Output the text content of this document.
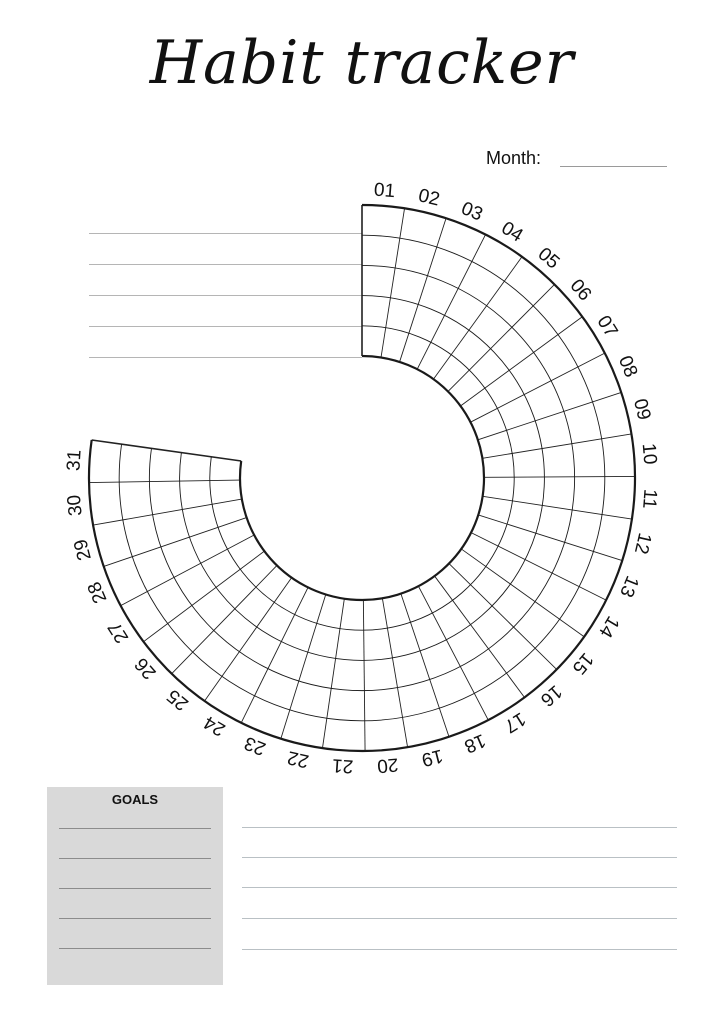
Habit tracker
Month:
01 02
03
04
05
06
07
08
09
10
11
12
13
14
15
16
17
18
19
20
21
22
23
24
25
26
27
28
29
30
31
GOALS
